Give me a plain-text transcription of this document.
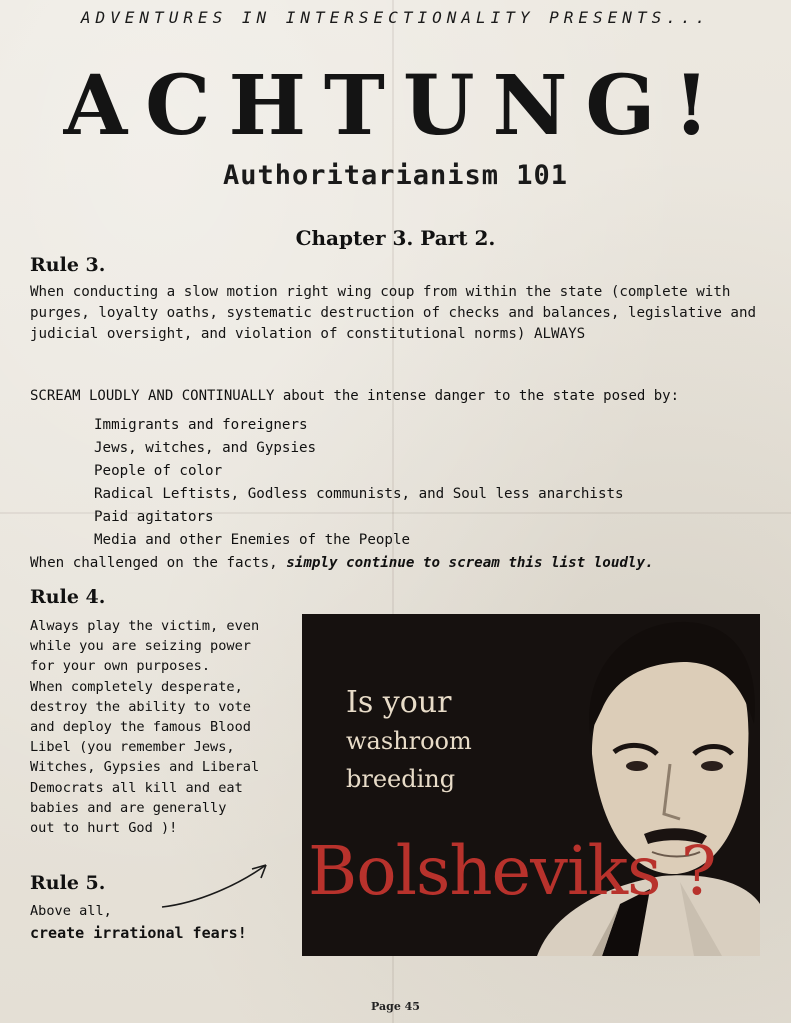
ADVENTURES IN INTERSECTIONALITY PRESENTS...
ACHTUNG!
Authoritarianism 101
Chapter 3. Part 2.
Rule 3.
When conducting a slow motion right wing coup from within the state (complete with purges, loyalty oaths, systematic destruction of checks and balances, legislative and judicial oversight, and violation of constitutional norms) ALWAYS
SCREAM LOUDLY AND CONTINUALLY about the intense danger to the state posed by:
Immigrants and foreigners
Jews, witches, and Gypsies
People of color
Radical Leftists, Godless communists, and Soul less anarchists
Paid agitators
Media and other Enemies of the People
When challenged on the facts, simply continue to scream this list loudly.
Rule 4.
Always play the victim, even
while you are seizing power
for your own purposes.
When completely desperate,
destroy the ability to vote
and deploy the famous Blood
Libel (you remember Jews,
Witches, Gypsies and Liberal
Democrats all kill and eat
babies and are generally
out to hurt God )!
Rule 5.
Above all,
create irrational fears!
Is your
washroom
breeding
Bolsheviks ?
Page 45
